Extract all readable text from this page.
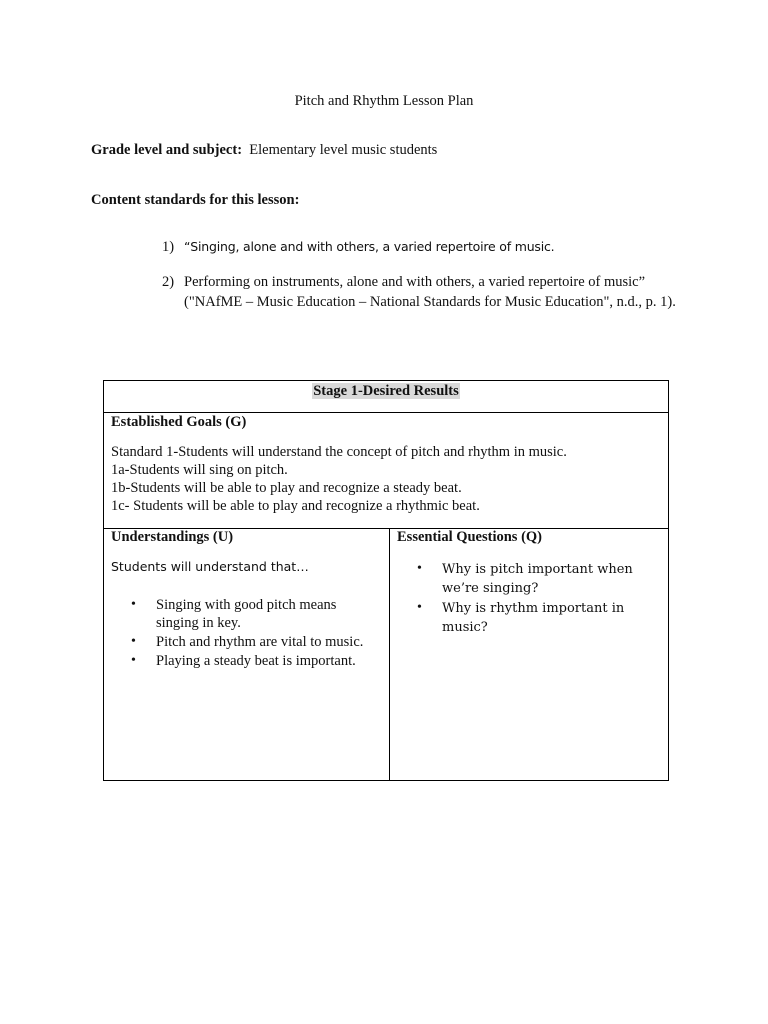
Pitch and Rhythm Lesson Plan
Grade level and subject: Elementary level music students
Content standards for this lesson:
1) “Singing, alone and with others, a varied repertoire of music.
2) Performing on instruments, alone and with others, a varied repertoire of music” ("NAfME – Music Education – National Standards for Music Education", n.d., p. 1).
Stage 1-Desired Results
Established Goals (G)
Standard 1-Students will understand the concept of pitch and rhythm in music.
1a-Students will sing on pitch.
1b-Students will be able to play and recognize a steady beat.
1c- Students will be able to play and recognize a rhythmic beat.
Understandings (U)
Students will understand that…
• Singing with good pitch means singing in key.
• Pitch and rhythm are vital to music.
• Playing a steady beat is important.
Essential Questions (Q)
• Why is pitch important when we’re singing?
• Why is rhythm important in music?
